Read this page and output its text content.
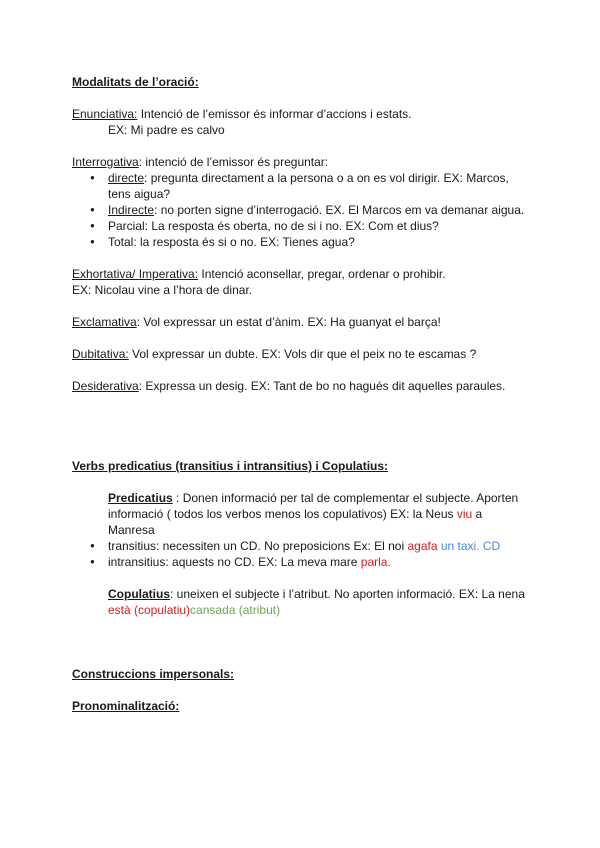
Modalitats de l’oració:

Enunciativa: Intenció de l’emissor és informar d’accions i estats.

EX: Mi padre es calvo

Interrogativa: intenció de l’emissor és preguntar:

● directe: pregunta directament a la persona o a on es vol dirigir. EX: Marcos, tens aigua?
● Indirecte: no porten signe d’interrogació. EX. El Marcos em va demanar aigua.
● Parcial: La resposta és oberta, no de si i no. EX: Com et dius?
● Total: la resposta és si o no. EX: Tienes agua?

Exhortativa/ Imperativa: Intenció aconsellar, pregar, ordenar o prohibir.

EX: Nicolau vine a l’hora de dinar.

Exclamativa: Vol expressar un estat d’ànim. EX: Ha guanyat el barça!

Dubitativa: Vol expressar un dubte. EX: Vols dir que el peix no te escamas ?

Desiderativa: Expressa un desig. EX: Tant de bo no hagués dit aquelles paraules.

Verbs predicatius (transitius i intransitius) i Copulatius:

Predicatius : Donen informació per tal de complementar el subjecte. Aporten informació ( todos los verbos menos los copulativos) EX: la Neus viu a Manresa

● transitius: necessiten un CD. No preposicions Ex: El noi agafa un taxi. CD
● intransitius: aquests no CD. EX: La meva mare parla.

Copulatius: uneixen el subjecte i l’atribut. No aporten informació. EX: La nena està (copulatiu)cansada (atribut)

Construccions impersonals:

Pronominalització:
